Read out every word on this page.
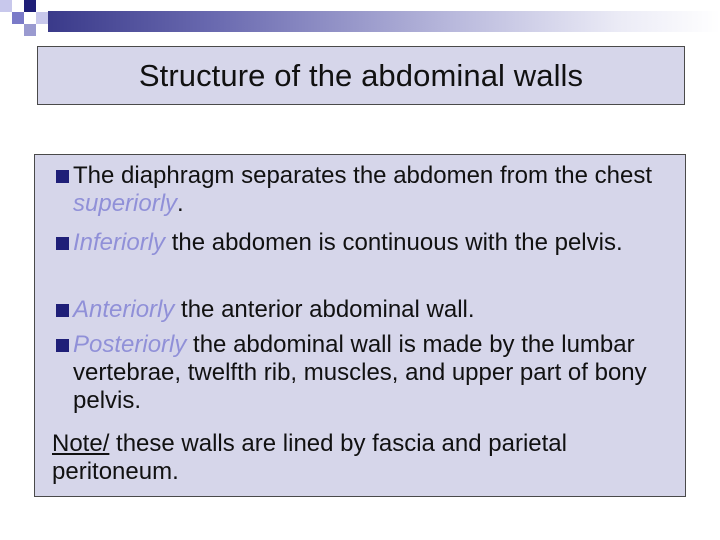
Structure of the abdominal walls
The diaphragm separates the abdomen from the chest superiorly.
Inferiorly the abdomen is continuous with the pelvis.
Anteriorly the anterior abdominal wall.
Posteriorly the abdominal wall is made by the lumbar vertebrae, twelfth rib, muscles, and upper part of bony pelvis.
Note/ these walls are lined by fascia and parietal peritoneum.
